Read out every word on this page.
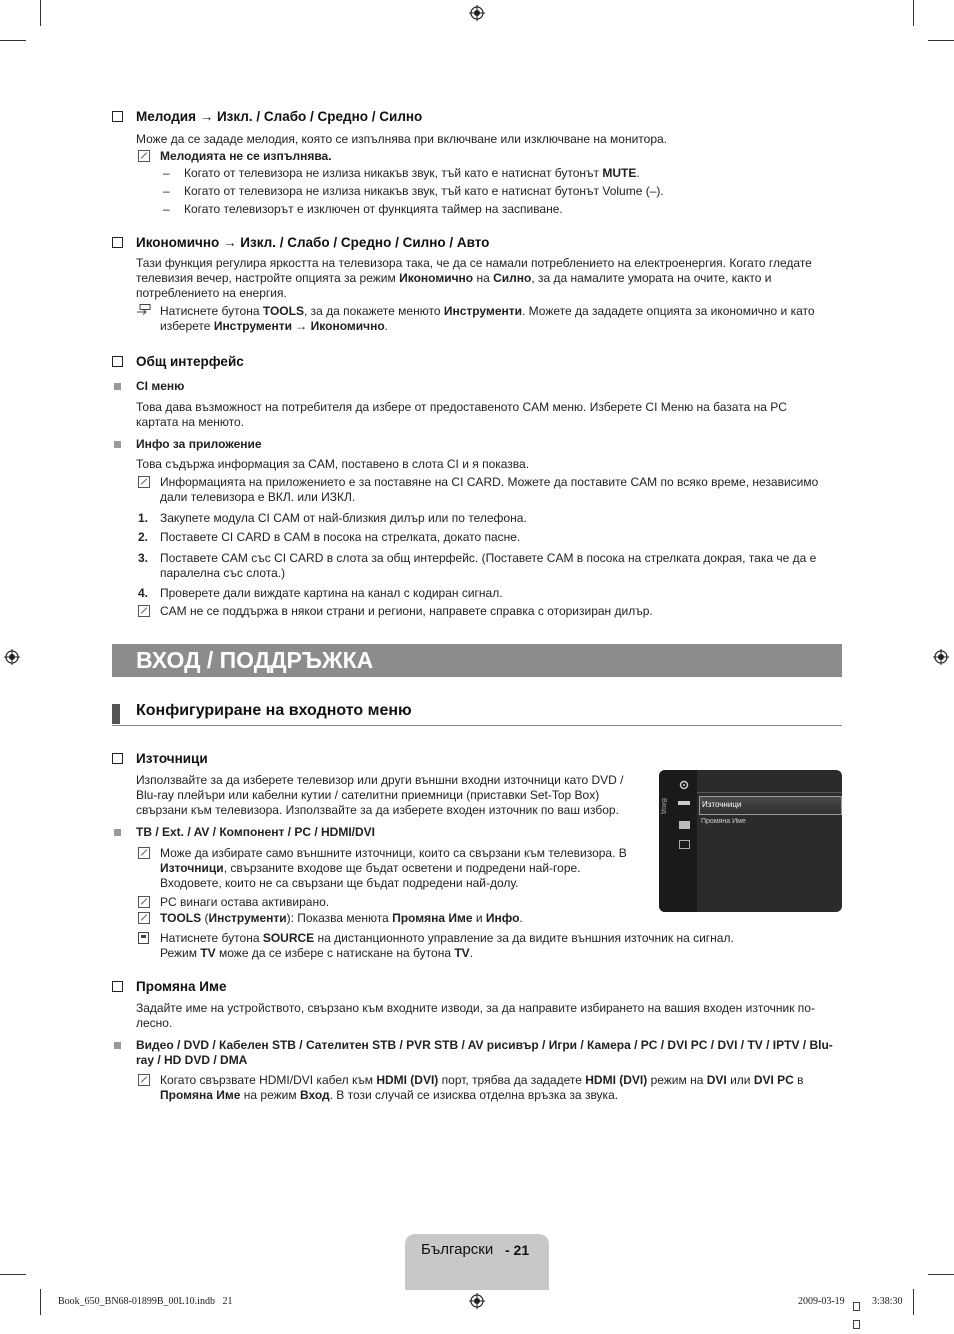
Мелодия → Изкл. / Слабо / Средно / Силно
Може да се зададе мелодия, която се изпълнява при включване или изключване на монитора.
Мелодията не се изпълнява.
– Когато от телевизора не излиза никакъв звук, тъй като е натиснат бутонът MUTE.
– Когато от телевизора не излиза никакъв звук, тъй като е натиснат бутонът Volume (–).
– Когато телевизорът е изключен от функцията таймер на заспиване.
Икономично → Изкл. / Слабо / Средно / Силно / Авто
Тази функция регулира яркостта на телевизора така, че да се намали потреблението на електроенергия. Когато гледате телевизия вечер, настройте опцията за режим Икономично на Силно, за да намалите умората на очите, както и потреблението на енергия.
Натиснете бутона TOOLS, за да покажете менюто Инструменти. Можете да зададете опцията за икономично и като изберете Инструменти → Икономично.
Общ интерфейс
CI меню
Това дава възможност на потребителя да избере от предоставеното CAM меню. Изберете CI Меню на базата на PC картата на менюто.
Инфо за приложение
Това съдържа информация за CAM, поставено в слота CI и я показва.
Информацията на приложението е за поставяне на CI CARD. Можете да поставите CAM по всяко време, независимо дали телевизора е ВКЛ. или ИЗКЛ.
1. Закупете модула CI CAM от най-близкия дилър или по телефона.
2. Поставете CI CARD в CAM в посока на стрелката, докато пасне.
3. Поставете CAM със CI CARD в слота за общ интерфейс. (Поставете CAM в посока на стрелката докрая, така че да е паралелна със слота.)
4. Проверете дали виждате картина на канал с кодиран сигнал.
CAM не се поддържа в някои страни и региони, направете справка с оторизиран дилър.
ВХОД / ПОДДРЪЖКА
Конфигуриране на входното меню
Източници
Използвайте за да изберете телевизор или други външни входни източници като DVD / Blu-ray плейъри или кабелни кутии / сателитни приемници (приставки Set-Top Box) свързани към телевизора. Използвайте за да изберете входен източник по ваш избор.
TB / Ext. / AV / Компонент / PC / HDMI/DVI
Може да избирате само външните източници, които са свързани към телевизора. В Източници, свързаните входове ще бъдат осветени и подредени най-горе. Входовете, които не са свързани ще бъдат подредени най-долу.
PC винаги остава активирано.
TOOLS (Инструменти): Показва менюта Промяна Име и Инфо.
Натиснете бутона SOURCE на дистанционното управление за да видите външния източник на сигнал. Режим TV може да се избере с натискане на бутона TV.
Вход	Източници
Промяна Име
Промяна Име
Задайте име на устройството, свързано към входните изводи, за да направите избирането на вашия входен източник по-лесно.
Видео / DVD / Кабелен STB / Сателитен STB / PVR STB / AV рисивър / Игри / Камера / PC / DVI PC / DVI / TV / IPTV / Blu-ray / HD DVD / DMA
Когато свързвате HDMI/DVI кабел към HDMI (DVI) порт, трябва да зададете HDMI (DVI) режим на DVI или DVI PC в Промяна Име на режим Вход. В този случай се изисква отделна връзка за звука.
Български - 21
Book_650_BN68-01899B_00L10.indb   21	2009-03-19	3:38:30
